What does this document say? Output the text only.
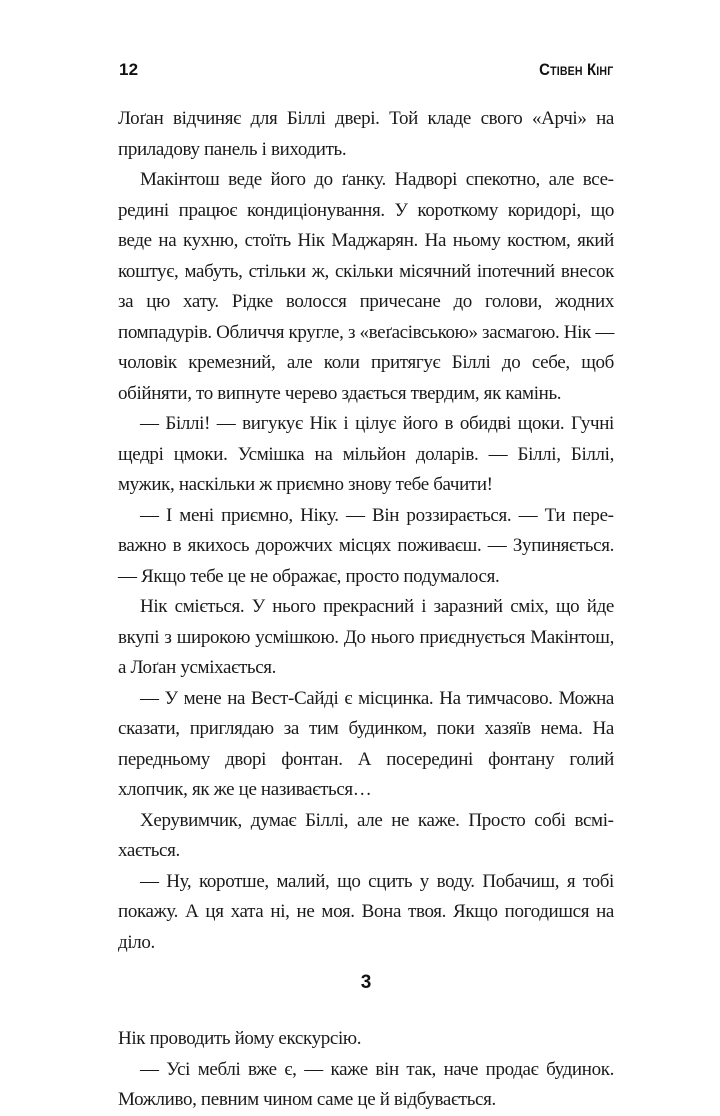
12	Стівен Кінг

Лоґан відчиняє для Біллі двері. Той кладе свого «Арчі» на приладову панель і виходить.

Макінтош веде його до ґанку. Надворі спекотно, але всередині працює кондиціонування. У короткому коридорі, що веде на кухню, стоїть Нік Маджарян. На ньому костюм, який коштує, мабуть, стільки ж, скільки місячний іпотечний внесок за цю хату. Рідке волосся причесане до голови, жодних помпадурів. Обличчя кругле, з «веґасівською» засмагою. Нік — чоловік кремезний, але коли притягує Біллі до себе, щоб обійняти, то випнуте черево здається твердим, як камінь.

— Біллі! — вигукує Нік і цілує його в обидві щоки. Гучні щедрі цмоки. Усмішка на мільйон доларів. — Біллі, Біллі, мужик, наскільки ж приємно знову тебе бачити!

— І мені приємно, Ніку. — Він роззирається. — Ти переважно в якихось дорожчих місцях поживаєш. — Зупиняється. — Якщо тебе це не ображає, просто подумалося.

Нік сміється. У нього прекрасний і заразний сміх, що йде вкупі з широкою усмішкою. До нього приєднується Макінтош, а Лоґан усміхається.

— У мене на Вест-Сайді є місцинка. На тимчасово. Можна сказати, приглядаю за тим будинком, поки хазяїв нема. На передньому дворі фонтан. А посередині фонтану голий хлопчик, як же це називається…

Херувимчик, думає Біллі, але не каже. Просто собі всміхається.

— Ну, коротше, малий, що сцить у воду. Побачиш, я тобі покажу. А ця хата ні, не моя. Вона твоя. Якщо погодишся на діло.

3

Нік проводить йому екскурсію.

— Усі меблі вже є, — каже він так, наче продає будинок. Можливо, певним чином саме це й відбувається.
